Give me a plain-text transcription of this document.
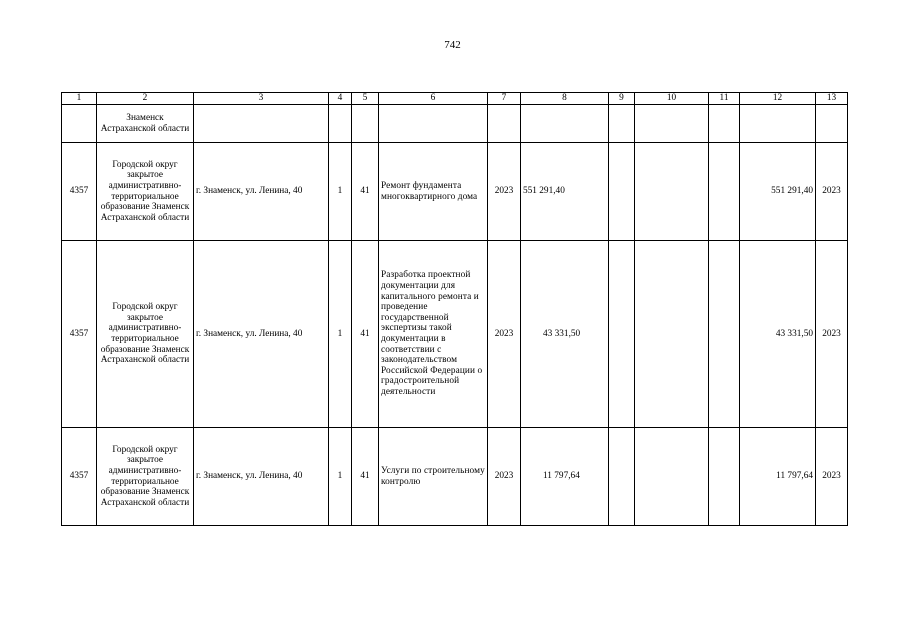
742
1	2	3	4	5	6	7	8	9	10	11	12	13
	Знаменск Астраханской области											
4357	Городской округ закрытое административно-территориальное образование Знаменск Астраханской области	г. Знаменск, ул. Ленина, 40	1	41	Ремонт фундамента многоквартирного дома	2023	551 291,40				551 291,40	2023
4357	Городской округ закрытое административно-территориальное образование Знаменск Астраханской области	г. Знаменск, ул. Ленина, 40	1	41	Разработка проектной документации для капитального ремонта и проведение государственной экспертизы такой документации в соответствии с законодательством Российской Федерации о градостроительной деятельности	2023	43 331,50				43 331,50	2023
4357	Городской округ закрытое административно-территориальное образование Знаменск Астраханской области	г. Знаменск, ул. Ленина, 40	1	41	Услуги по строительному контролю	2023	11 797,64				11 797,64	2023
